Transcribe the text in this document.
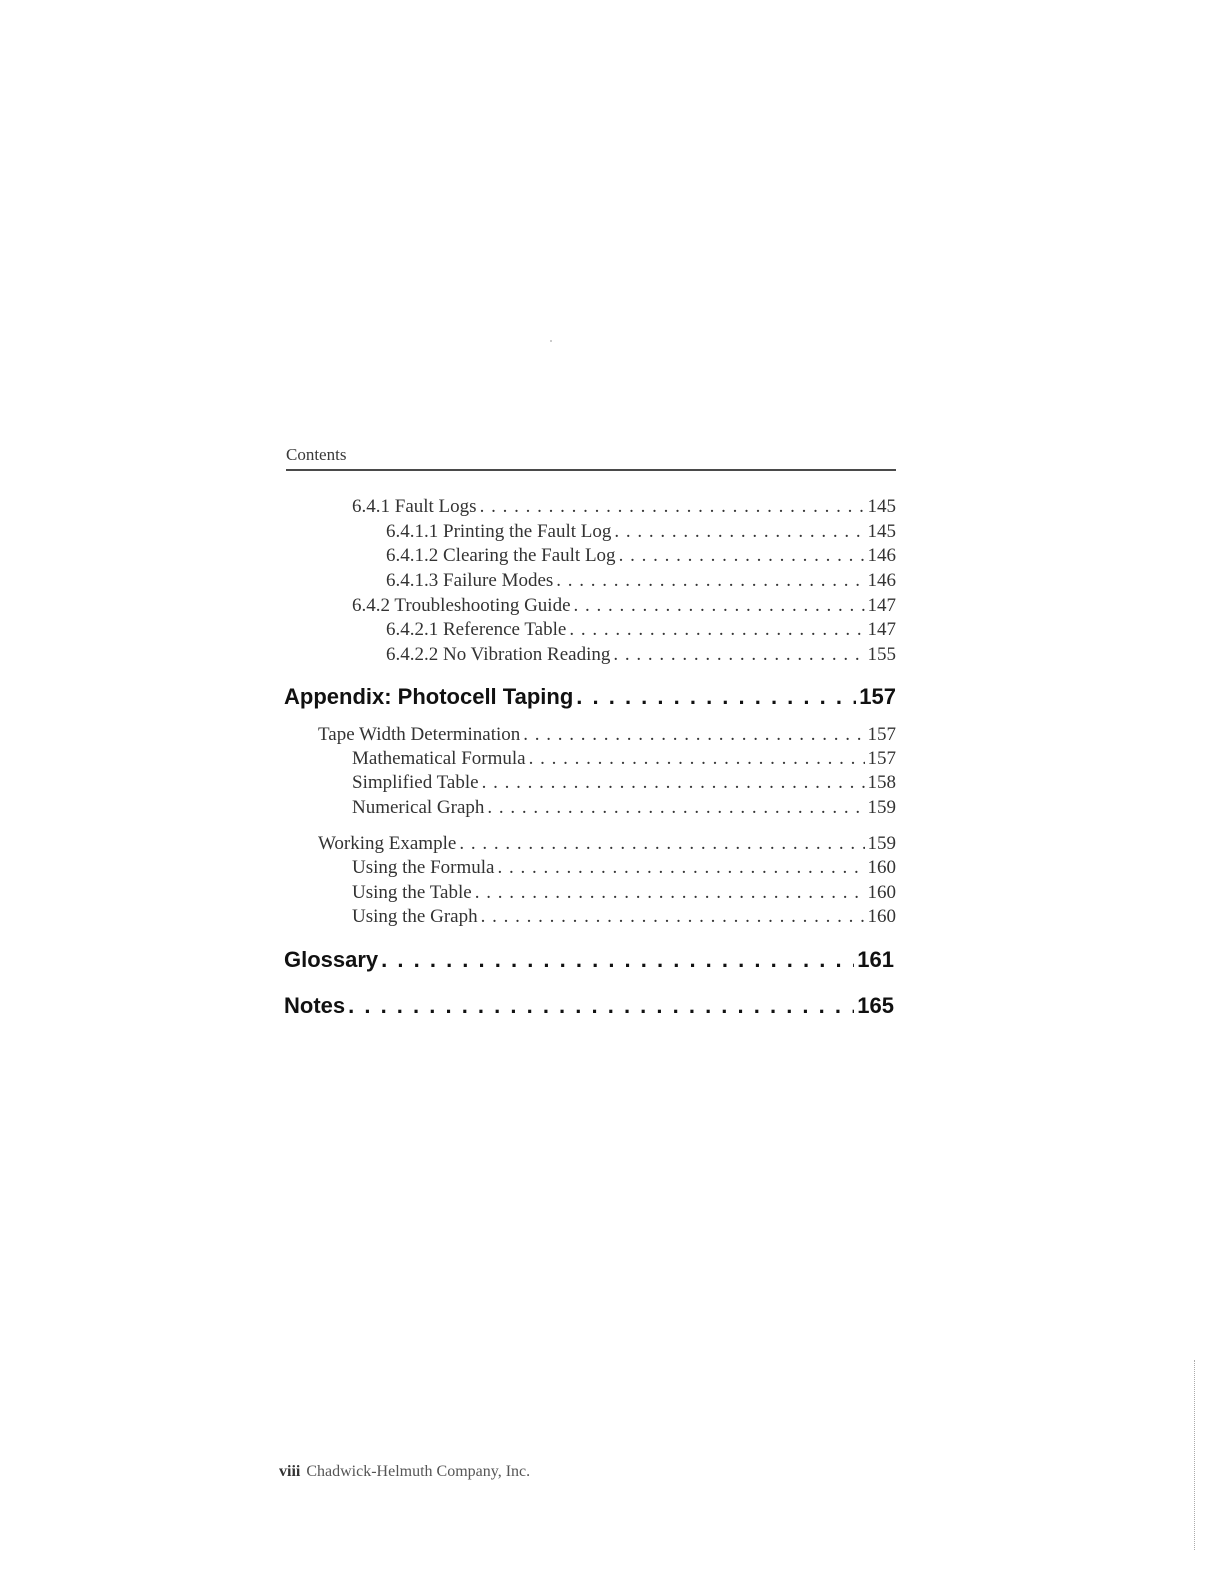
Contents
6.4.1 Fault Logs . . .	145
6.4.1.1 Printing the Fault Log . . .	145
6.4.1.2 Clearing the Fault Log . . .	146
6.4.1.3 Failure Modes . . .	146
6.4.2 Troubleshooting Guide . . .	147
6.4.2.1 Reference Table . . .	147
6.4.2.2 No Vibration Reading . . .	155
Appendix: Photocell Taping . . .	157
Tape Width Determination . . .	157
Mathematical Formula . . .	157
Simplified Table . . .	158
Numerical Graph . . .	159
Working Example . . .	159
Using the Formula . . .	160
Using the Table . . .	160
Using the Graph . . .	160
Glossary . . .	161
Notes . . .	165
viii Chadwick-Helmuth Company, Inc.
